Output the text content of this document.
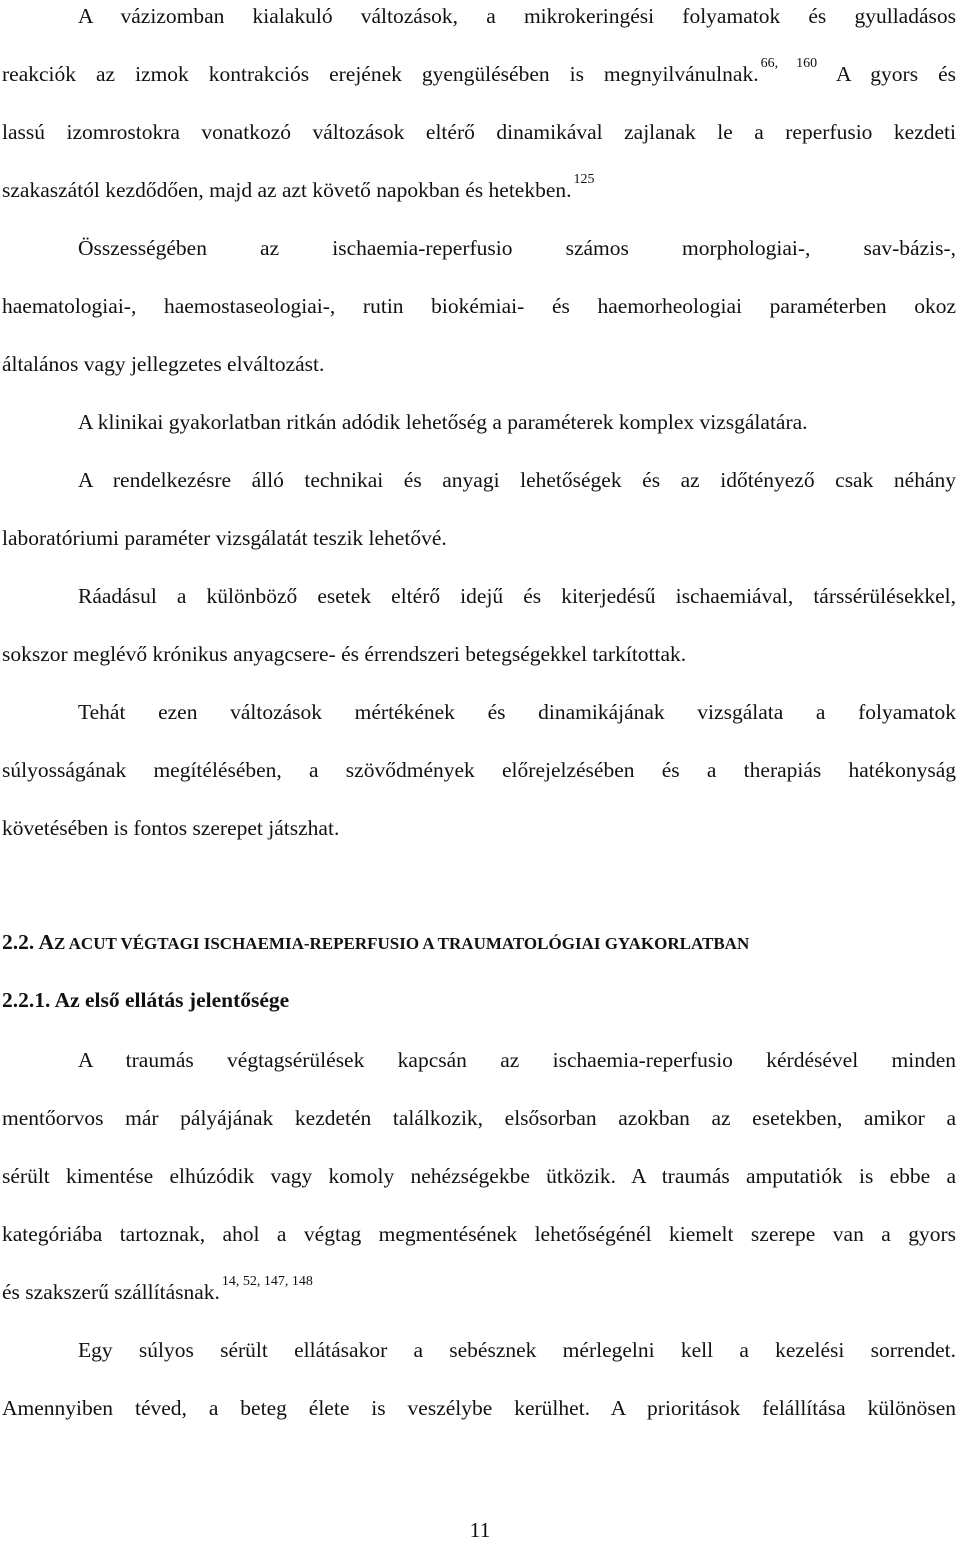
A vázizomban kialakuló változások, a mikrokeringési folyamatok és gyulladásos
reakciók az izmok kontrakciós erejének gyengülésében is megnyilvánulnak. $^{66, 160}$ A gyors és
lassú izomrostokra vonatkozó változások eltérő dinamikával zajlanak le a reperfusio kezdeti
szakaszától kezdődően, majd az azt követő napokban és hetekben. $^{125}$
Összességében az ischaemia-reperfusio számos morphologiai-, sav-bázis-,
haematologiai-, haemostaseologiai-, rutin biokémiai- és haemorheologiai paraméterben okoz
általános vagy jellegzetes elváltozást.
A klinikai gyakorlatban ritkán adódik lehetőség a paraméterek komplex vizsgálatára.
A rendelkezésre álló technikai és anyagi lehetőségek és az időtényező csak néhány
laboratóriumi paraméter vizsgálatát teszik lehetővé.
Ráadásul a különböző esetek eltérő idejű és kiterjedésű ischaemiával, társsérülésekkel,
sokszor meglévő krónikus anyagcsere- és érrendszeri betegségekkel tarkítottak.
Tehát ezen változások mértékének és dinamikájának vizsgálata a folyamatok
súlyosságának megítélésében, a szövődmények előrejelzésében és a therapiás hatékonyság
követésében is fontos szerepet játszhat.
2.2. AZ ACUT VÉGTAGI ISCHAEMIA-REPERFUSIO A TRAUMATOLÓGIAI GYAKORLATBAN
2.2.1. Az első ellátás jelentősége
A traumás végtagsérülések kapcsán az ischaemia-reperfusio kérdésével minden
mentőorvos már pályájának kezdetén találkozik, elsősorban azokban az esetekben, amikor a
sérült kimentése elhúzódik vagy komoly nehézségekbe ütközik. A traumás amputatiók is ebbe a
kategóriába tartoznak, ahol a végtag megmentésének lehetőségénél kiemelt szerepe van a gyors
és szakszerű szállításnak. $^{14, 52, 147, 148}$
Egy súlyos sérült ellátásakor a sebésznek mérlegelni kell a kezelési sorrendet.
Amennyiben téved, a beteg élete is veszélybe kerülhet. A prioritások felállítása különösen
11
